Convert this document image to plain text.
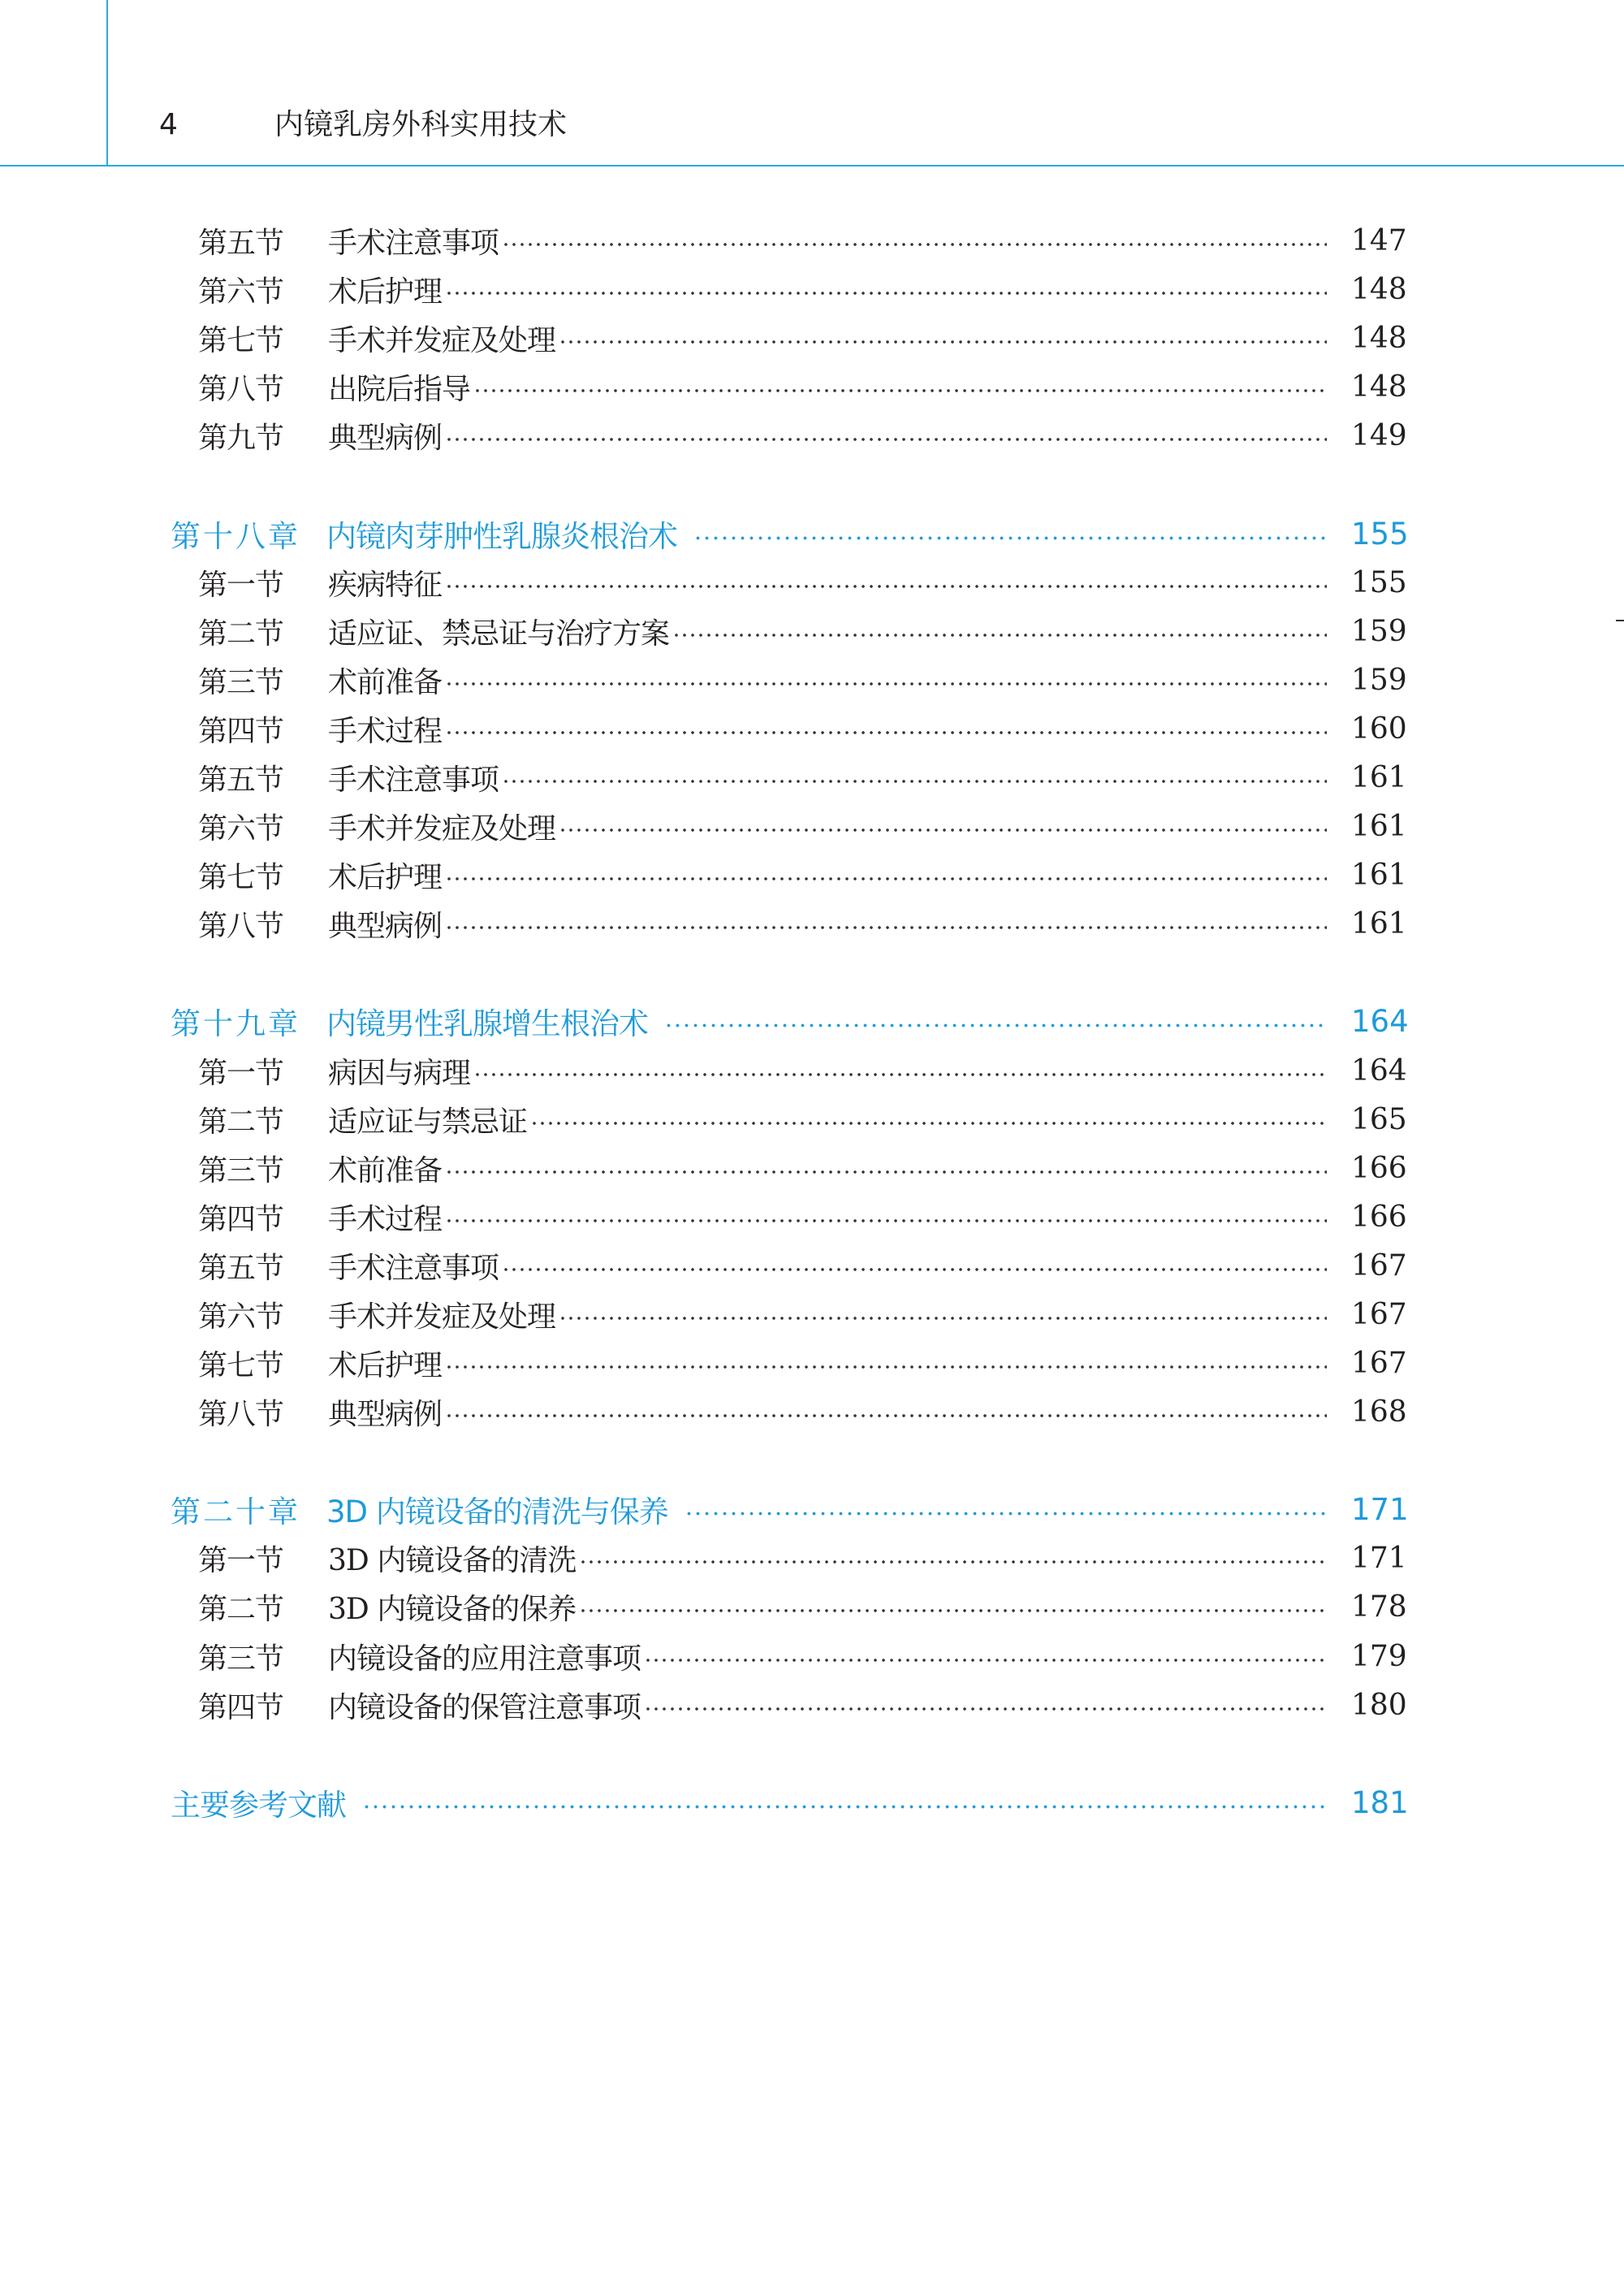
4	内镜乳房外科实用技术
第五节	手术注意事项	147
第六节	术后护理	148
第七节	手术并发症及处理	148
第八节	出院后指导	148
第九节	典型病例	149
第十八章 内镜肉芽肿性乳腺炎根治术	155
第一节	疾病特征	155
第二节	适应证、禁忌证与治疗方案	159
第三节	术前准备	159
第四节	手术过程	160
第五节	手术注意事项	161
第六节	手术并发症及处理	161
第七节	术后护理	161
第八节	典型病例	161
第十九章 内镜男性乳腺增生根治术	164
第一节	病因与病理	164
第二节	适应证与禁忌证	165
第三节	术前准备	166
第四节	手术过程	166
第五节	手术注意事项	167
第六节	手术并发症及处理	167
第七节	术后护理	167
第八节	典型病例	168
第二十章 3D 内镜设备的清洗与保养	171
第一节	3D 内镜设备的清洗	171
第二节	3D 内镜设备的保养	178
第三节	内镜设备的应用注意事项	179
第四节	内镜设备的保管注意事项	180
主要参考文献	181
